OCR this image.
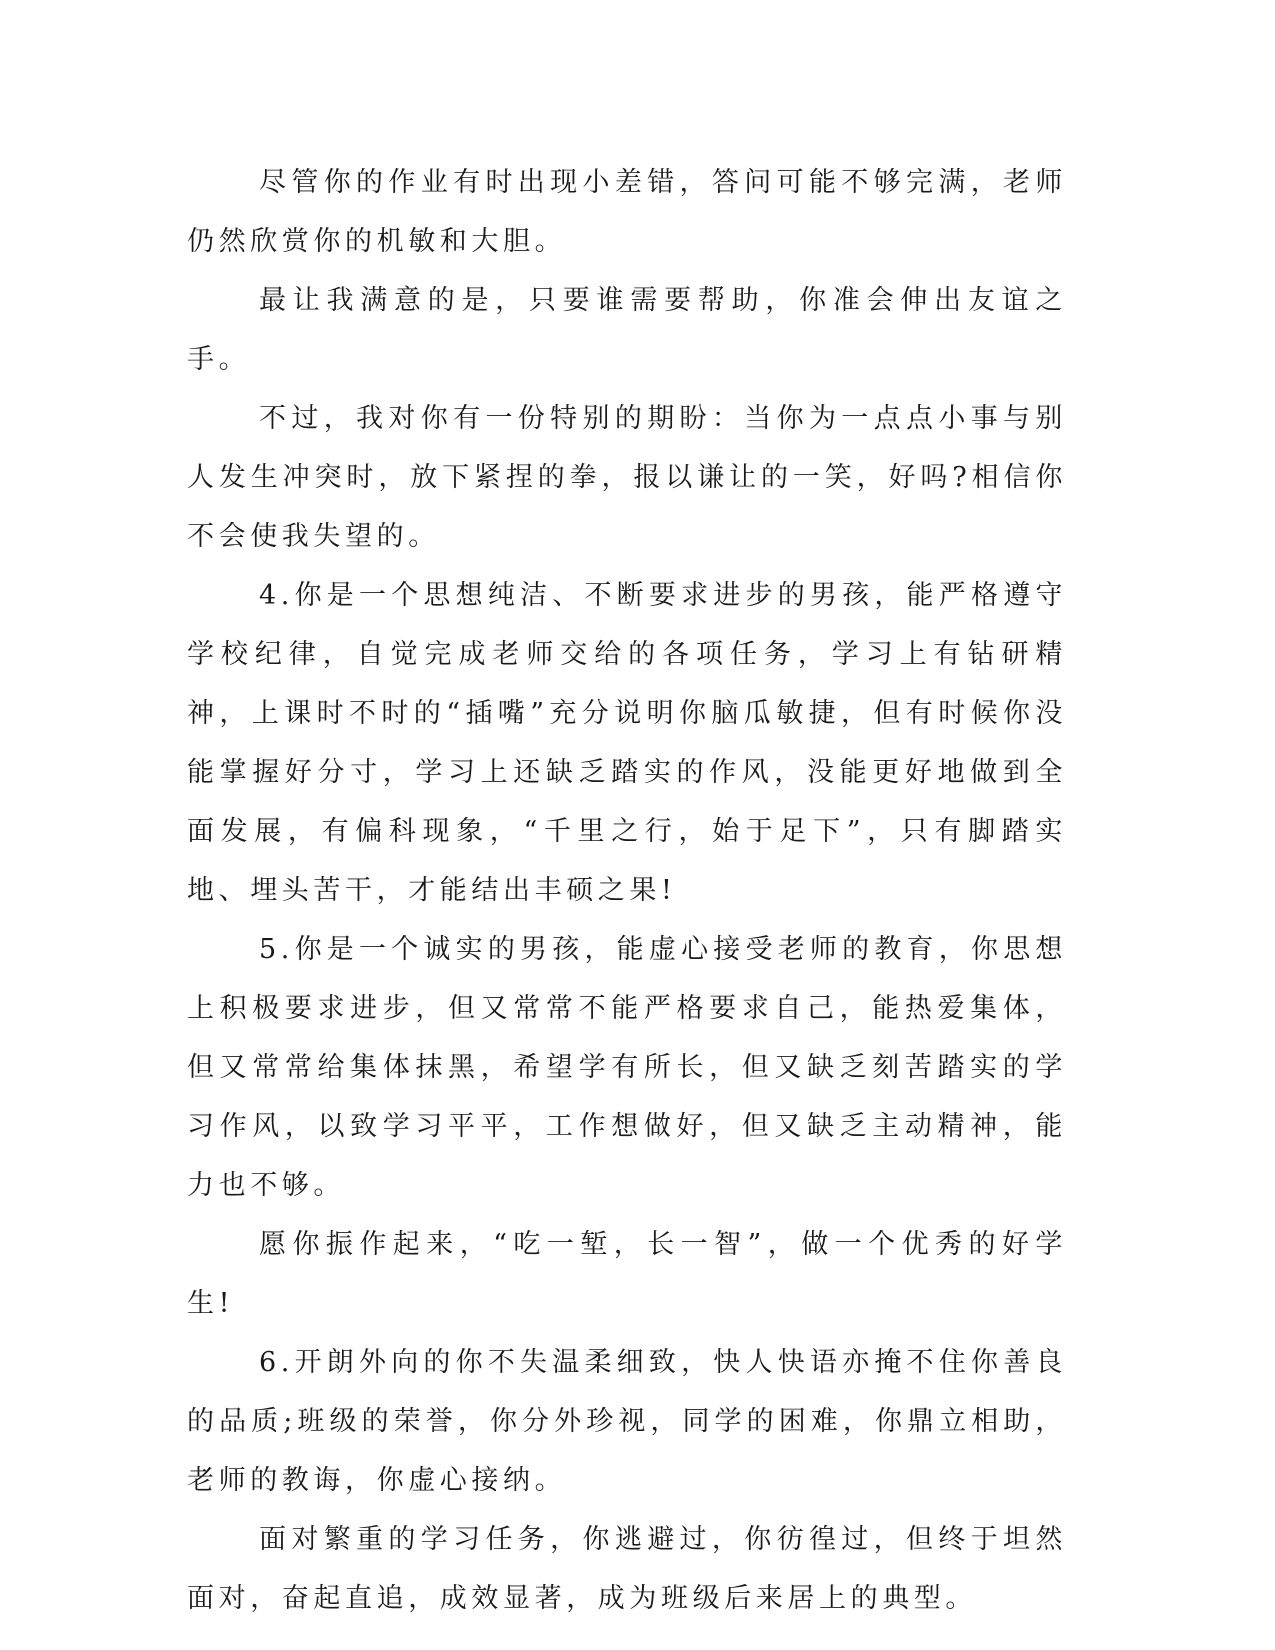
尽管你的作业有时出现小差错，答问可能不够完满，老师仍然欣赏你的机敏和大胆。

最让我满意的是，只要谁需要帮助，你准会伸出友谊之手。

不过，我对你有一份特别的期盼：当你为一点点小事与别人发生冲突时，放下紧捏的拳，报以谦让的一笑，好吗?相信你不会使我失望的。

4.你是一个思想纯洁、不断要求进步的男孩，能严格遵守学校纪律，自觉完成老师交给的各项任务，学习上有钻研精神，上课时不时的“插嘴”充分说明你脑瓜敏捷，但有时候你没能掌握好分寸，学习上还缺乏踏实的作风，没能更好地做到全面发展，有偏科现象，“千里之行，始于足下”，只有脚踏实地、埋头苦干，才能结出丰硕之果!

5.你是一个诚实的男孩，能虚心接受老师的教育，你思想上积极要求进步，但又常常不能严格要求自己，能热爱集体，但又常常给集体抹黑，希望学有所长，但又缺乏刻苦踏实的学习作风，以致学习平平，工作想做好，但又缺乏主动精神，能力也不够。

愿你振作起来，“吃一堑，长一智”，做一个优秀的好学生!

6.开朗外向的你不失温柔细致，快人快语亦掩不住你善良的品质;班级的荣誉，你分外珍视，同学的困难，你鼎立相助，老师的教诲，你虚心接纳。

面对繁重的学习任务，你逃避过，你彷徨过，但终于坦然面对，奋起直追，成效显著，成为班级后来居上的典型。
